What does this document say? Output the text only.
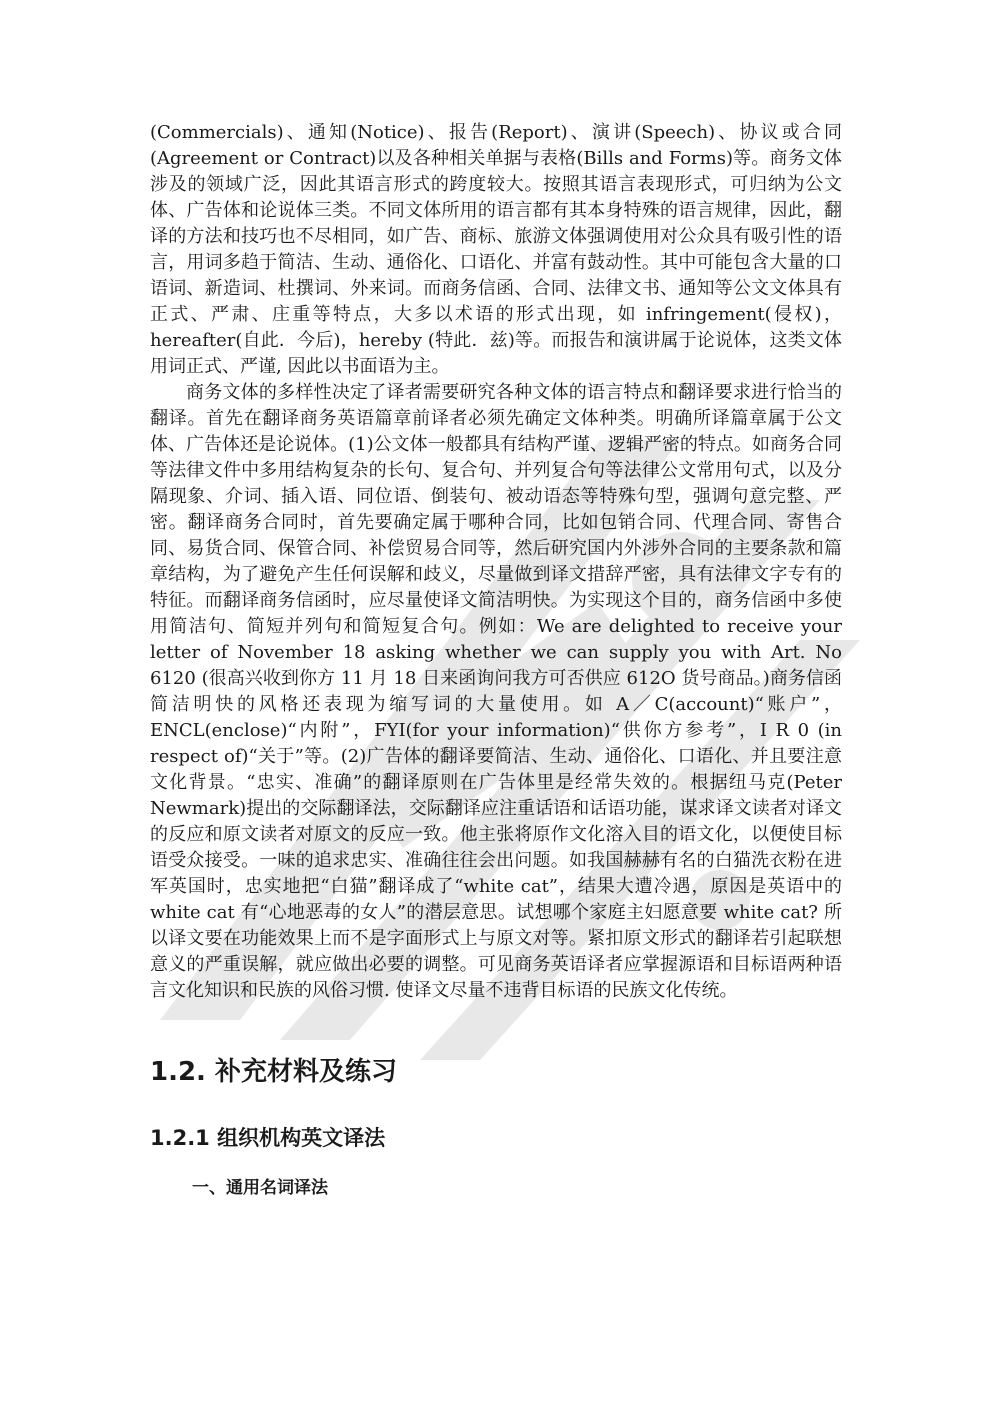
(Commercials)、通知(Notice)、报告(Report)、演讲(Speech)、协议或合同(Agreement or Contract)以及各种相关单据与表格(Bills and Forms)等。商务文体涉及的领域广泛，因此其语言形式的跨度较大。按照其语言表现形式，可归纳为公文体、广告体和论说体三类。不同文体所用的语言都有其本身特殊的语言规律，因此，翻译的方法和技巧也不尽相同，如广告、商标、旅游文体强调使用对公众具有吸引性的语言，用词多趋于简洁、生动、通俗化、口语化、并富有鼓动性。其中可能包含大量的口语词、新造词、杜撰词、外来词。而商务信函、合同、法律文书、通知等公文文体具有正式、严肃、庄重等特点，大多以术语的形式出现，如 infringement(侵权)，hereafter(自此．今后)，hereby (特此．兹)等。而报告和演讲属于论说体，这类文体用词正式、严谨, 因此以书面语为主。

商务文体的多样性决定了译者需要研究各种文体的语言特点和翻译要求进行恰当的翻译。首先在翻译商务英语篇章前译者必须先确定文体种类。明确所译篇章属于公文体、广告体还是论说体。(1)公文体一般都具有结构严谨、逻辑严密的特点。如商务合同等法律文件中多用结构复杂的长句、复合句、并列复合句等法律公文常用句式，以及分隔现象、介词、插入语、同位语、倒装句、被动语态等特殊句型，强调句意完整、严密。翻译商务合同时，首先要确定属于哪种合同，比如包销合同、代理合同、寄售合同、易货合同、保管合同、补偿贸易合同等，然后研究国内外涉外合同的主要条款和篇章结构，为了避免产生任何误解和歧义，尽量做到译文措辞严密，具有法律文字专有的特征。而翻译商务信函时，应尽量使译文简洁明快。为实现这个目的，商务信函中多使用简洁句、简短并列句和简短复合句。例如：We are delighted to receive your letter of November 18 asking whether we can supply you with Art. No 6120 (很高兴收到你方 11 月 18 日来函询问我方可否供应 612O 货号商品。)商务信函简洁明快的风格还表现为缩写词的大量使用。如 A／C(account)“账户”，ENCL(enclose)“内附”，FYI(for your information)“供你方参考”，I R 0 (in respect of)“关于”等。(2)广告体的翻译要简洁、生动、通俗化、口语化、并且要注意文化背景。“忠实、准确”的翻译原则在广告体里是经常失效的。根据纽马克(Peter Newmark)提出的交际翻译法，交际翻译应注重话语和话语功能，谋求译文读者对译文的反应和原文读者对原文的反应一致。他主张将原作文化溶入目的语文化，以便使目标语受众接受。一味的追求忠实、准确往往会出问题。如我国赫赫有名的白猫洗衣粉在进军英国时，忠实地把“白猫”翻译成了“white cat”，结果大遭冷遇，原因是英语中的 white cat 有“心地恶毒的女人”的潜层意思。试想哪个家庭主妇愿意要 white cat? 所以译文要在功能效果上而不是字面形式上与原文对等。紧扣原文形式的翻译若引起联想意义的严重误解，就应做出必要的调整。可见商务英语译者应掌握源语和目标语两种语言文化知识和民族的风俗习惯. 使译文尽量不违背目标语的民族文化传统。

1.2. 补充材料及练习
1.2.1 组织机构英文译法
一、通用名词译法
